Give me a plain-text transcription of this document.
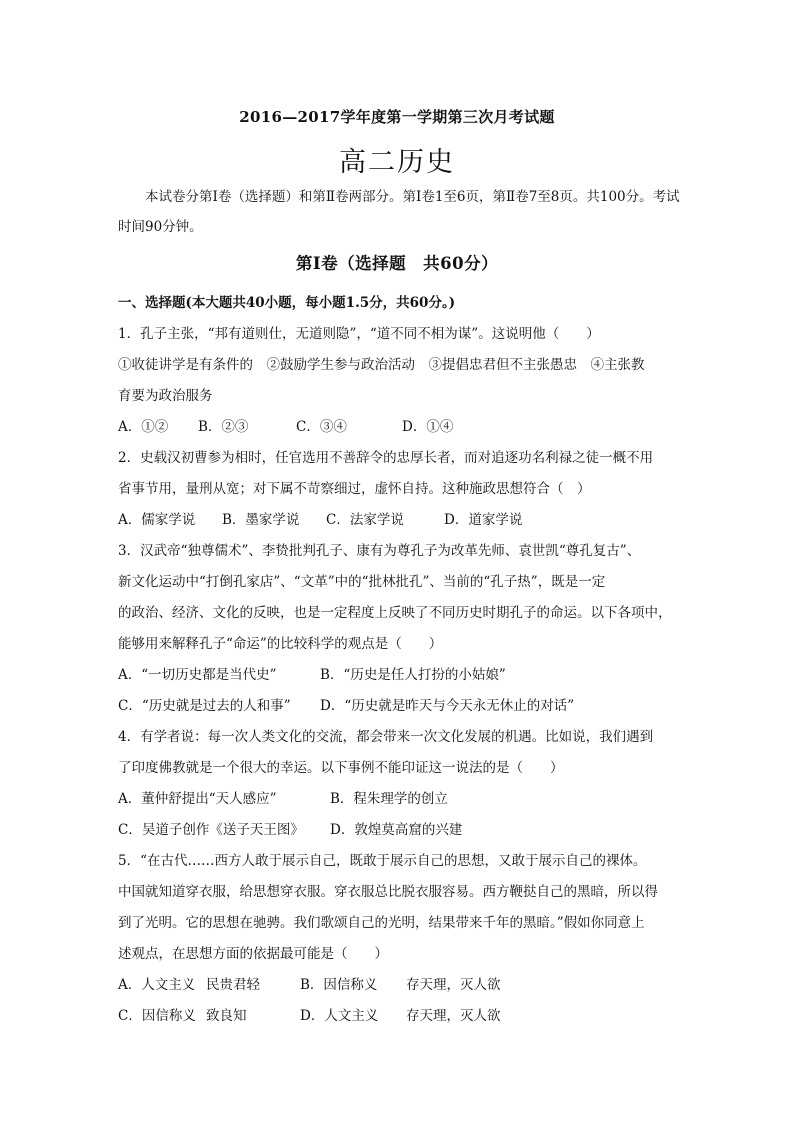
2016—2017学年度第一学期第三次月考试题
高二历史
本试卷分第Ⅰ卷（选择题）和第Ⅱ卷两部分。第Ⅰ卷1至6页，第Ⅱ卷7至8页。共100分。考试时间90分钟。
第Ⅰ卷（选择题　共60分）
一、选择题(本大题共40小题，每小题1.5分，共60分。)
1．孔子主张，“邦有道则仕，无道则隐”，“道不同不相为谋”。这说明他（　　）
①收徒讲学是有条件的　②鼓励学生参与政治活动　③提倡忠君但不主张愚忠　④主张教
育要为政治服务
A．①② B．②③	C．③④	D．①④
2．史载汉初曹参为相时，任官选用不善辞令的忠厚长者，而对追逐功名利禄之徒一概不用
省事节用，量刑从宽；对下属不苛察细过，虚怀自持。这种施政思想符合（　）
A．儒家学说 B．墨家学说 C．法家学说	D．道家学说
3．汉武帝“独尊儒术”、李贽批判孔子、康有为尊孔子为改革先师、袁世凯“尊孔复古”、
新文化运动中“打倒孔家店”、“文革”中的“批林批孔”、当前的“孔子热”，既是一定
的政治、经济、文化的反映，也是一定程度上反映了不同历史时期孔子的命运。以下各项中，
能够用来解释孔子“命运”的比较科学的观点是（　　）
A．“一切历史都是当代史”	B．“历史是任人打扮的小姑娘”
C．“历史就是过去的人和事” D．“历史就是昨天与今天永无休止的对话”
4．有学者说：每一次人类文化的交流，都会带来一次文化发展的机遇。比如说，我们遇到
了印度佛教就是一个很大的幸运。以下事例不能印证这一说法的是（　　）
A．董仲舒提出“天人感应”	B．程朱理学的创立
C．吴道子创作《送子天王图》 D．敦煌莫高窟的兴建
5．“在古代……西方人敢于展示自己，既敢于展示自己的思想，又敢于展示自己的裸体。
中国就知道穿衣服，给思想穿衣服。穿衣服总比脱衣服容易。西方鞭挞自己的黑暗，所以得
到了光明。它的思想在驰骋。我们歌颂自己的光明，结果带来千年的黑暗。”假如你同意上
述观点，在思想方面的依据最可能是（　　）
A．人文主义 民贵君轻	B．因信称义 存天理，灭人欲
C．因信称义 致良知	D．人文主义 存天理，灭人欲
